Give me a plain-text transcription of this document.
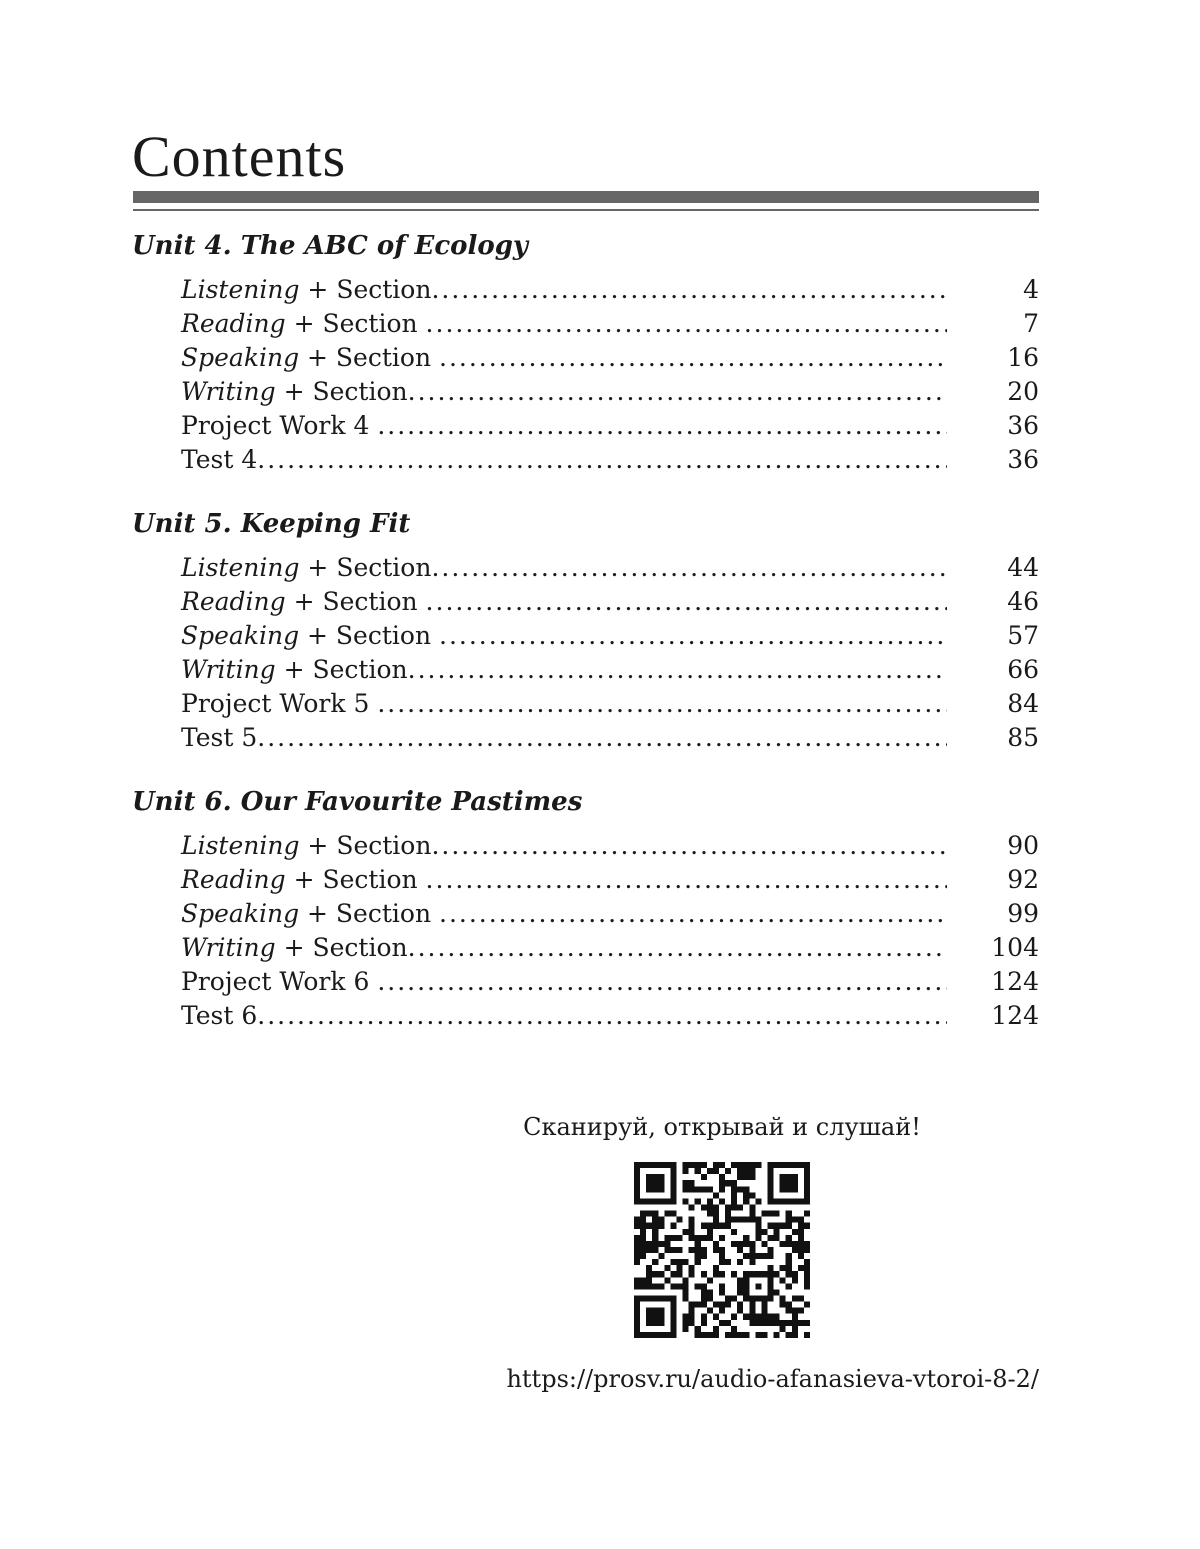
Contents
Unit 4. The ABC of Ecology
Listening + Section .....	4
Reading + Section .....	7
Speaking + Section .....	16
Writing + Section .....	20
Project Work 4 .....	36
Test 4 .....	36
Unit 5. Keeping Fit
Listening + Section .....	44
Reading + Section .....	46
Speaking + Section .....	57
Writing + Section .....	66
Project Work 5 .....	84
Test 5 .....	85
Unit 6. Our Favourite Pastimes
Listening + Section .....	90
Reading + Section .....	92
Speaking + Section .....	99
Writing + Section .....	104
Project Work 6 .....	124
Test 6 .....	124

Сканируй, открывай и слушай!

https://prosv.ru/audio-afanasieva-vtoroi-8-2/
